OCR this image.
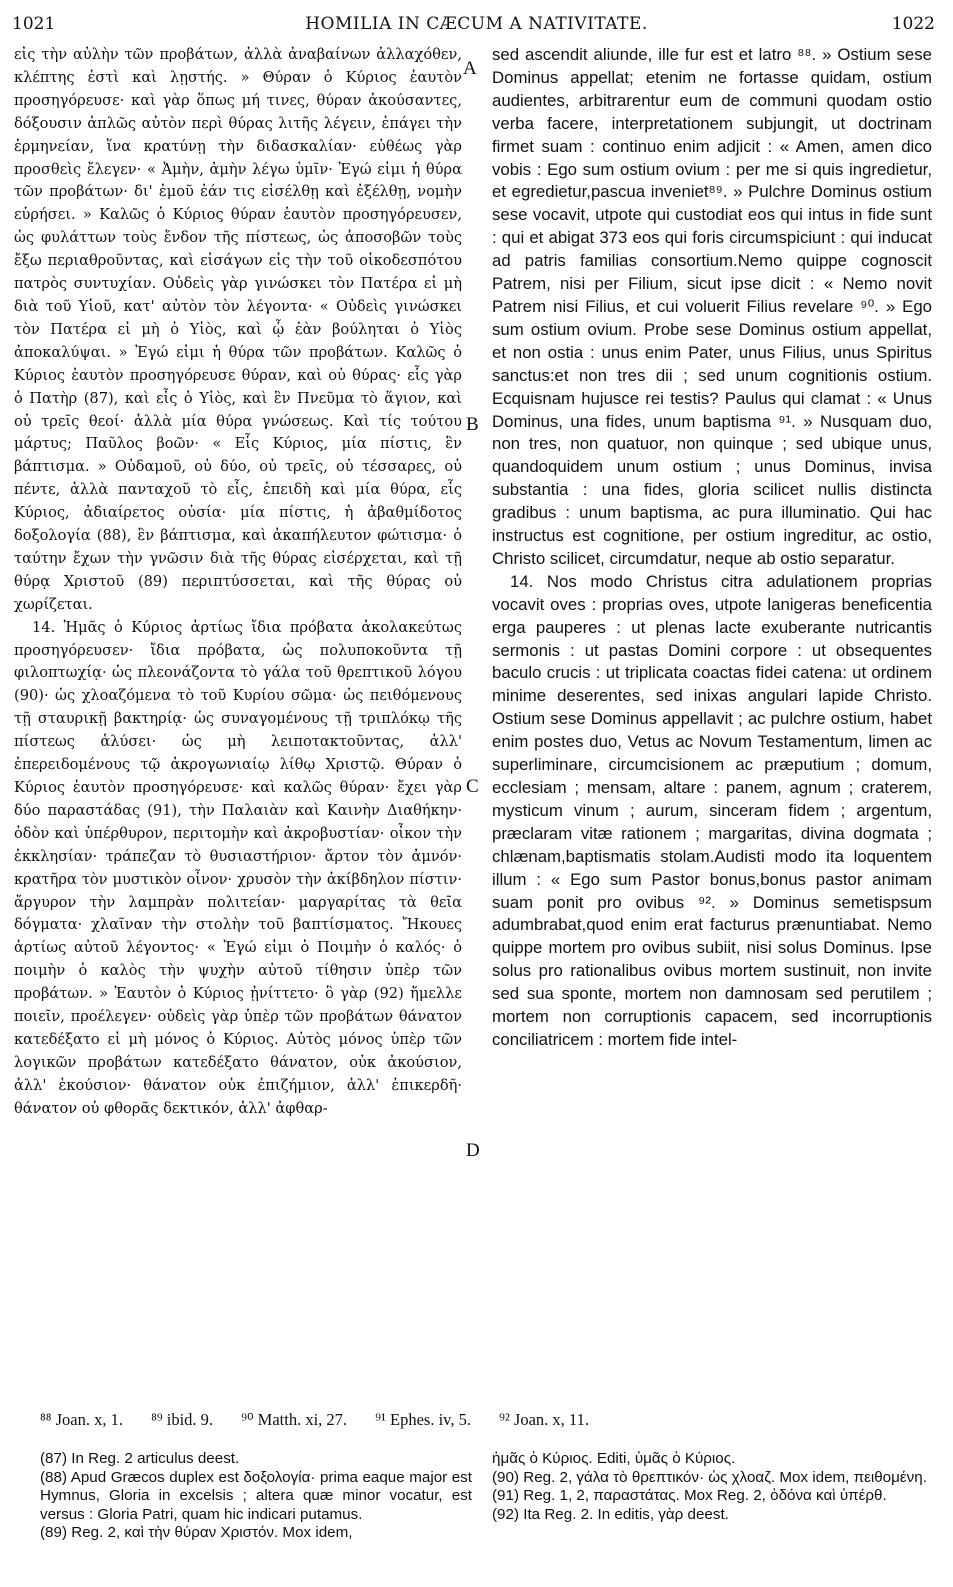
1021	HOMILIA IN CÆCUM A NATIVITATE.	1022

εἰς τὴν αὐλὴν τῶν προβάτων, ἀλλὰ ἀναβαίνων ἀλλαχόθεν, κλέπτης ἐστὶ καὶ λῃστής. » Θύραν ὁ Κύριος ἑαυτὸν προσηγόρευσε· καὶ γὰρ ὅπως μή τινες, θύραν ἀκούσαντες, δόξουσιν ἁπλῶς αὐτὸν περὶ θύρας λιτῆς λέγειν, ἐπάγει τὴν ἑρμηνείαν, ἵνα κρατύνῃ τὴν διδασκαλίαν· εὐθέως γὰρ προσθεὶς ἔλεγεν· « Ἀμὴν, ἀμὴν λέγω ὑμῖν· Ἐγώ εἰμι ἡ θύρα τῶν προβάτων· δι' ἐμοῦ ἐάν τις εἰσέλθῃ καὶ ἐξέλθῃ, νομὴν εὑρήσει. » Καλῶς ὁ Κύριος θύραν ἑαυτὸν προσηγόρευσεν, ὡς φυλάττων τοὺς ἔνδον τῆς πίστεως, ὡς ἀποσοβῶν τοὺς ἔξω περιαθροῦντας, καὶ εἰσάγων εἰς τὴν τοῦ οἰκοδεσπότου πατρὸς συντυχίαν. Οὐδεὶς γὰρ γινώσκει τὸν Πατέρα εἰ μὴ διὰ τοῦ Υἱοῦ, κατ' αὐτὸν τὸν λέγοντα· « Οὐδεὶς γινώσκει τὸν Πατέρα εἰ μὴ ὁ Υἱὸς, καὶ ᾧ ἐὰν βούληται ὁ Υἱὸς ἀποκαλύψαι. » Ἐγώ εἰμι ἡ θύρα τῶν προβάτων. Καλῶς ὁ Κύριος ἑαυτὸν προσηγόρευσε θύραν, καὶ οὐ θύρας· εἷς γὰρ ὁ Πατὴρ (87), καὶ εἷς ὁ Υἱὸς, καὶ ἓν Πνεῦμα τὸ ἅγιον, καὶ οὐ τρεῖς θεοί· ἀλλὰ μία θύρα γνώσεως. Καὶ τίς τούτου μάρτυς; Παῦλος βοῶν· « Εἷς Κύριος, μία πίστις, ἓν βάπτισμα. » Οὐδαμοῦ, οὐ δύο, οὐ τρεῖς, οὐ τέσσαρες, οὐ πέντε, ἀλλὰ πανταχοῦ τὸ εἷς, ἐπειδὴ καὶ μία θύρα, εἷς Κύριος, ἀδιαίρετος οὐσία· μία πίστις, ἡ ἀβαθμίδοτος δοξολογία (88), ἓν βάπτισμα, καὶ ἀκαπήλευτον φώτισμα· ὁ ταύτην ἔχων τὴν γνῶσιν διὰ τῆς θύρας εἰσέρχεται, καὶ τῇ θύρᾳ Χριστοῦ (89) περιπτύσσεται, καὶ τῆς θύρας οὐ χωρίζεται.

14. Ἡμᾶς ὁ Κύριος ἀρτίως ἴδια πρόβατα ἀκολακεύτως προσηγόρευσεν· ἴδια πρόβατα, ὡς πολυποκοῦντα τῇ φιλοπτωχίᾳ· ὡς πλεονάζοντα τὸ γάλα τοῦ θρεπτικοῦ λόγου (90)· ὡς χλοαζόμενα τὸ τοῦ Κυρίου σῶμα· ὡς πειθόμενους τῇ σταυρικῇ βακτηρίᾳ· ὡς συναγομένους τῇ τριπλόκῳ τῆς πίστεως ἁλύσει· ὡς μὴ λειποτακτοῦντας, ἀλλ' ἐπερειδομένους τῷ ἀκρογωνιαίῳ λίθῳ Χριστῷ. Θύραν ὁ Κύριος ἑαυτὸν προσηγόρευσε· καὶ καλῶς θύραν· ἔχει γὰρ δύο παραστάδας (91), τὴν Παλαιὰν καὶ Καινὴν Διαθήκην· ὀδὸν καὶ ὑπέρθυρον, περιτομὴν καὶ ἀκροβυστίαν· οἶκον τὴν ἐκκλησίαν· τράπεζαν τὸ θυσιαστήριον· ἄρτον τὸν ἀμνόν· κρατῆρα τὸν μυστικὸν οἶνον· χρυσὸν τὴν ἀκίβδηλον πίστιν· ἄργυρον τὴν λαμπρὰν πολιτείαν· μαργαρίτας τὰ θεῖα δόγματα· χλαῖναν τὴν στολὴν τοῦ βαπτίσματος. Ἤκουες ἀρτίως αὐτοῦ λέγοντος· « Ἐγώ εἰμι ὁ Ποιμὴν ὁ καλός· ὁ ποιμὴν ὁ καλὸς τὴν ψυχὴν αὐτοῦ τίθησιν ὑπὲρ τῶν προβάτων. » Ἑαυτὸν ὁ Κύριος ᾐνίττετο· ὃ γὰρ (92) ἤμελλε ποιεῖν, προέλεγεν· οὐδεὶς γὰρ ὑπὲρ τῶν προβάτων θάνατον κατεδέξατο εἰ μὴ μόνος ὁ Κύριος. Αὐτὸς μόνος ὑπὲρ τῶν λογικῶν προβάτων κατεδέξατο θάνατον, οὐκ ἀκούσιον, ἀλλ' ἑκούσιον· θάνατον οὐκ ἐπιζήμιον, ἀλλ' ἐπικερδῆ· θάνατον οὐ φθορᾶς δεκτικόν, ἀλλ' ἀφθαρ-

A
B
C
D

sed ascendit aliunde, ille fur est et latro ⁸⁸. » Ostium sese Dominus appellat; etenim ne fortasse quidam, ostium audientes, arbitrarentur eum de communi quodam ostio verba facere, interpretationem subjungit, ut doctrinam firmet suam : continuo enim adjicit : « Amen, amen dico vobis : Ego sum ostium ovium : per me si quis ingredietur, et egredietur,pascua inveniet⁸⁹. » Pulchre Dominus ostium sese vocavit, utpote qui custodiat eos qui intus in fide sunt : qui et abigat 373 eos qui foris circumspiciunt : qui inducat ad patris familias consortium.Nemo quippe cognoscit Patrem, nisi per Filium, sicut ipse dicit : « Nemo novit Patrem nisi Filius, et cui voluerit Filius revelare ⁹⁰. » Ego sum ostium ovium. Probe sese Dominus ostium appellat, et non ostia : unus enim Pater, unus Filius, unus Spiritus sanctus:et non tres dii ; sed unum cognitionis ostium. Ecquisnam hujusce rei testis? Paulus qui clamat : « Unus Dominus, una fides, unum baptisma ⁹¹. » Nusquam duo, non tres, non quatuor, non quinque ; sed ubique unus, quandoquidem unum ostium ; unus Dominus, invisa substantia : una fides, gloria scilicet nullis distincta gradibus : unum baptisma, ac pura illuminatio. Qui hac instructus est cognitione, per ostium ingreditur, ac ostio, Christo scilicet, circumdatur, neque ab ostio separatur.

14. Nos modo Christus citra adulationem proprias vocavit oves : proprias oves, utpote lanigeras beneficentia erga pauperes : ut plenas lacte exuberante nutricantis sermonis : ut pastas Domini corpore : ut obsequentes baculo crucis : ut triplicata coactas fidei catena: ut ordinem minime deserentes, sed inixas angulari lapide Christo. Ostium sese Dominus appellavit ; ac pulchre ostium, habet enim postes duo, Vetus ac Novum Testamentum, limen ac superliminare, circumcisionem ac præputium ; domum, ecclesiam ; mensam, altare : panem, agnum ; craterem, mysticum vinum ; aurum, sinceram fidem ; argentum, præclaram vitæ rationem ; margaritas, divina dogmata ; chlænam,baptismatis stolam.Audisti modo ita loquentem illum : « Ego sum Pastor bonus,bonus pastor animam suam ponit pro ovibus ⁹². » Dominus semetispsum adumbrabat,quod enim erat facturus prænuntiabat. Nemo quippe mortem pro ovibus subiit, nisi solus Dominus. Ipse solus pro rationalibus ovibus mortem sustinuit, non invite sed sua sponte, mortem non damnosam sed perutilem ; mortem non corruptionis capacem, sed incorruptionis conciliatricem : mortem fide intel-

⁸⁸ Joan. x, 1. ⁸⁹ ibid. 9. ⁹⁰ Matth. xi, 27. ⁹¹ Ephes. iv, 5. ⁹² Joan. x, 11.

(87) In Reg. 2 articulus deest.

(88) Apud Græcos duplex est δοξολογία· prima eaque major est Hymnus, Gloria in excelsis ; altera quæ minor vocatur, est versus : Gloria Patri, quam hic indicari putamus.

(89) Reg. 2, καὶ τὴν θύραν Χριστόν. Mox idem,

ἡμᾶς ὁ Κύριος. Editi, ὑμᾶς ὁ Κύριος.

(90) Reg. 2, γάλα τὸ θρεπτικόν· ὡς χλοαζ. Mox idem, πειθομένη.

(91) Reg. 1, 2, παραστάτας. Mox Reg. 2, ὀδόνα καὶ ὑπέρθ.

(92) Ita Reg. 2. In editis, γὰρ deest.
